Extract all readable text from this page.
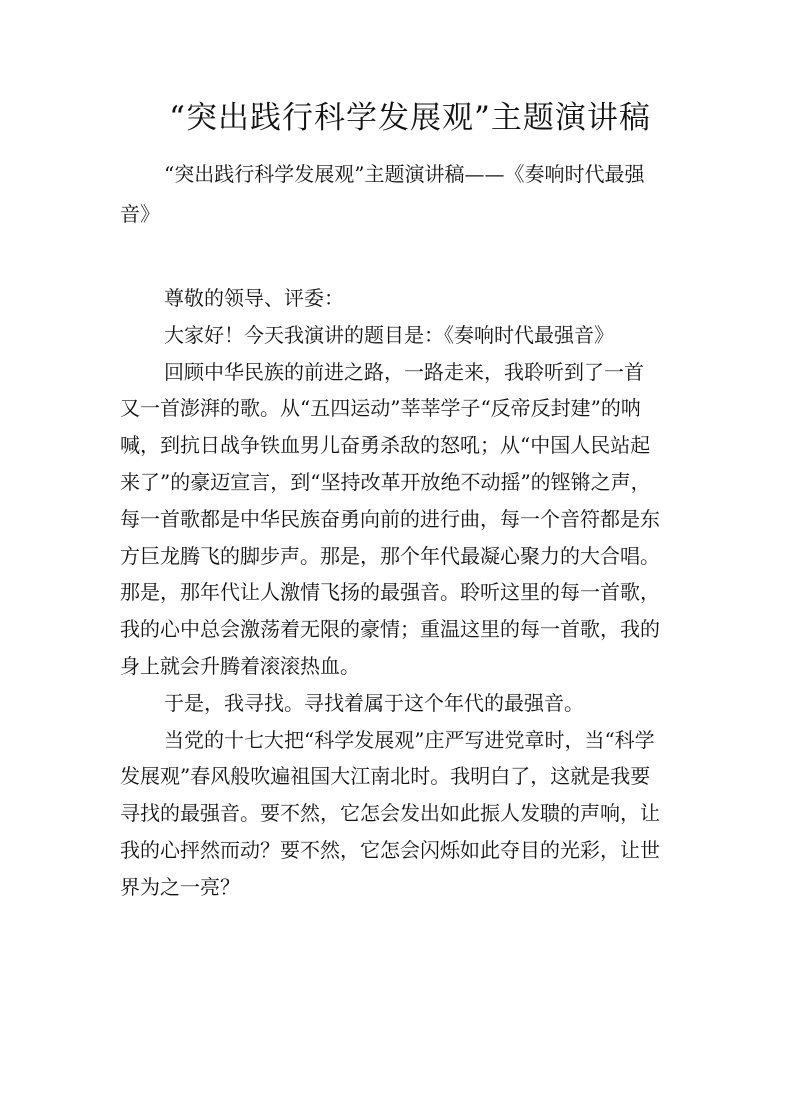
“突出践行科学发展观”主题演讲稿

“突出践行科学发展观”主题演讲稿——《奏响时代最强音》

尊敬的领导、评委：

大家好！今天我演讲的题目是：《奏响时代最强音》

回顾中华民族的前进之路，一路走来，我聆听到了一首又一首澎湃的歌。从“五四运动”莘莘学子“反帝反封建”的呐喊，到抗日战争铁血男儿奋勇杀敌的怒吼；从“中国人民站起来了”的豪迈宣言，到“坚持改革开放绝不动摇”的铿锵之声，每一首歌都是中华民族奋勇向前的进行曲，每一个音符都是东方巨龙腾飞的脚步声。那是，那个年代最凝心聚力的大合唱。那是，那年代让人激情飞扬的最强音。聆听这里的每一首歌，我的心中总会激荡着无限的豪情；重温这里的每一首歌，我的身上就会升腾着滚滚热血。

于是，我寻找。寻找着属于这个年代的最强音。

当党的十七大把“科学发展观”庄严写进党章时，当“科学发展观”春风般吹遍祖国大江南北时。我明白了，这就是我要寻找的最强音。要不然，它怎会发出如此振人发聩的声响，让我的心抨然而动？要不然，它怎会闪烁如此夺目的光彩，让世界为之一亮？
